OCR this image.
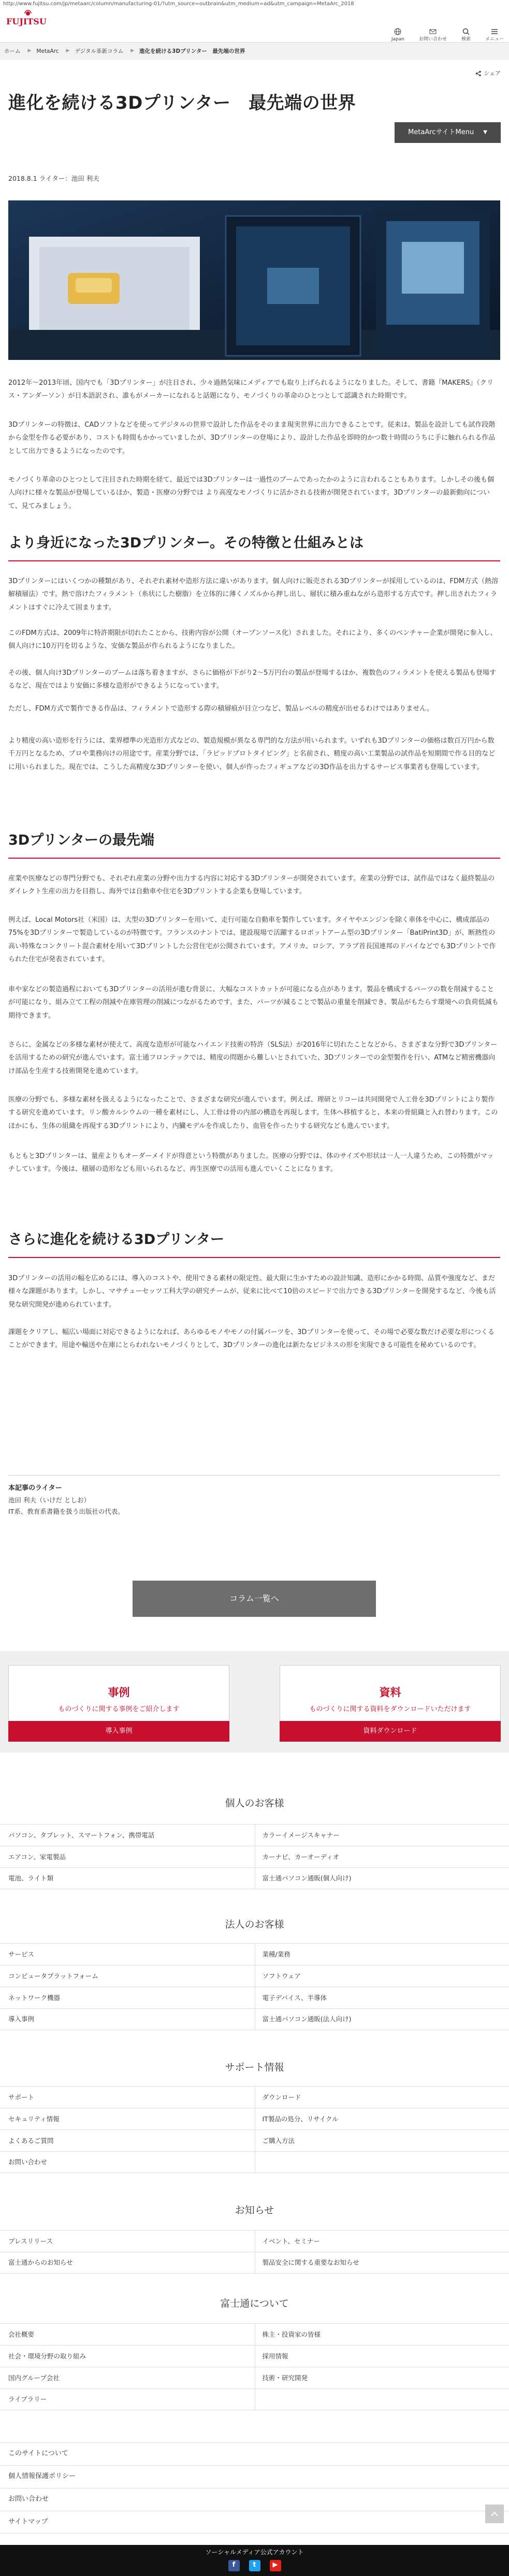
http://www.fujitsu.com/jp/metaarc/column/manufacturing-01/?utm_source=outbrain&utm_medium=ad&utm_campaign=MetaArc_2018
FUJITSU
Japan	お問い合わせ	検索	メニュー
ホーム ▶ MetaArc ▶ デジタル革新コラム ▶ 進化を続ける3Dプリンター　最先端の世界
シェア
進化を続ける3Dプリンター　最先端の世界
MetaArcサイトMenu ▼
2018.8.1 ライター：池田 利夫
2012年～2013年頃、国内でも「3Dプリンター」が注目され、少々過熱気味にメディアでも取り上げられるようになりました。そして、書籍『MAKERS』（クリス・アンダーソン）が日本語訳され、誰もがメーカーになれると話題になり、モノづくりの革命のひとつとして認識された時期です。
3Dプリンターの特徴は、CADソフトなどを使ってデジタルの世界で設計した作品をそのまま現実世界に出力できることです。従来は、製品を設計しても試作段階から金型を作る必要があり、コストも時間もかかっていましたが、3Dプリンターの登場により、設計した作品を即時的かつ数十時間のうちに手に触れられる作品として出力できるようになったのです。
モノづくり革命のひとつとして注目された時期を経て、最近では3Dプリンターは一過性のブームであったかのように言われることもあります。しかしその後も個人向けに様々な製品が登場しているほか、製造・医療の分野では より高度なモノづくりに活かされる技術が開発されています。3Dプリンターの最新動向について、見てみましょう。
より身近になった3Dプリンター。その特徴と仕組みとは
3Dプリンターにはいくつかの種類があり、それぞれ素材や造形方法に違いがあります。個人向けに販売される3Dプリンターが採用しているのは、FDM方式（熱溶解積層法）です。熱で溶けたフィラメント（糸状にした樹脂）を立体的に薄くノズルから押し出し、層状に積み重ねながら造形する方式です。押し出されたフィラメントはすぐに冷えて固まります。
このFDM方式は、2009年に特許期限が切れたことから、技術内容が公開（オープンソース化）されました。それにより、多くのベンチャー企業が開発に参入し、個人向けに10万円を切るような、安価な製品が作られるようになりました。
その後、個人向け3Dプリンターのブームは落ち着きますが、さらに価格が下がり2～5万円台の製品が登場するほか、複数色のフィラメントを使える製品も登場するなど、現在ではより安価に多様な造形ができるようになっています。
ただし、FDM方式で製作できる作品は、フィラメントで造形する際の積層痕が目立つなど、製品レベルの精度が出せるわけではありません。
より精度の高い造形を行うには、業界標準の光造形方式などの、製造規模が異なる専門的な方法が用いられます。いずれも3Dプリンターの価格は数百万円から数千万円となるため、プロや業務向けの用途です。産業分野では、「ラピッドプロトタイピング」と名前され、精度の高い工業製品の試作品を短期間で作る目的などに用いられました。現在では、こうした高精度な3Dプリンターを使い、個人が作ったフィギュアなどの3D作品を出力するサービス事業者も登場しています。
3Dプリンターの最先端
産業や医療などの専門分野でも、それぞれ産業の分野や出力する内容に対応する3Dプリンターが開発されています。産業の分野では、試作品ではなく最終製品のダイレクト生産の出力を目指し、海外では自動車や住宅を3Dプリントする企業も登場しています。
例えば、Local Motors社（米国）は、大型の3Dプリンターを用いて、走行可能な自動車を製作しています。タイヤやエンジンを除く車体を中心に、構成部品の75%を3Dプリンターで製造しているのが特徴です。フランスのナントでは、建設現場で活躍するロボットアーム型の3Dプリンター「BatiPrint3D」が、断熱性の高い特殊なコンクリート混合素材を用いて3Dプリントした公営住宅が公開されています。アメリカ、ロシア、アラブ首長国連邦のドバイなどでも3Dプリントで作られた住宅が発表されています。
車や家などの製造過程においても3Dプリンターの活用が進む背景に、大幅なコストカットが可能になる点があります。製品を構成するパーツの数を削減することが可能になり、組み立て工程の削減や在庫管理の削減につながるためです。また、パーツが減ることで製品の重量を削減でき、製品がもたらす環境への負荷低減も期待できます。
さらに、金属などの多様な素材が使えて、高度な造形が可能なハイエンド技術の特許（SLS法）が2016年に切れたことなどから、さまざまな分野で3Dプリンターを活用するための研究が進んでいます。富士通フロンテックでは、精度の問題から難しいとされていた、3Dプリンターでの金型製作を行い、ATMなど精密機器向け部品を生産する技術開発を進めています。
医療の分野でも、多様な素材を扱えるようになったことで、さまざまな研究が進んでいます。例えば、理研とリコーは共同開発で人工骨を3Dプリントにより製作する研究を進めています。リン酸カルシウムの一種を素材にし、人工骨は骨の内部の構造を再現します。生体へ移植すると、本来の骨組織と入れ替わります。このほかにも、生体の組織を再現する3Dプリントにより、内臓モデルを作成したり、血管を作ったりする研究なども進んでいます。
もともと3Dプリンターは、量産よりもオーダーメイドが得意という特徴がありました。医療の分野では、体のサイズや形状は一人一人違うため、この特徴がマッチしています。今後は、積層の造形なども用いられるなど、再生医療での活用も進んでいくことになります。
さらに進化を続ける3Dプリンター
3Dプリンターの活用の幅を広めるには、導入のコストや、使用できる素材の限定性、最大限に生かすための設計知識、造形にかかる時間、品質や強度など、まだ様々な課題があります。しかし、マサチューセッツ工科大学の研究チームが、従来に比べて10倍のスピードで出力できる3Dプリンターを開発するなど、今後も活発な研究開発が進められています。
課題をクリアし、幅広い場面に対応できるようになれば、あらゆるモノやモノの付属パーツを、3Dプリンターを使って、その場で必要な数だけ必要な形につくることができます。用途や輸送や在庫にとらわれないモノづくりとして、3Dプリンターの進化は新たなビジネスの形を実現できる可能性を秘めているのです。
本記事のライター
池田 利夫（いけだ としお）
IT系、教育系書籍を扱う出版社の代表。
コラム一覧へ
事例
ものづくりに関する事例をご紹介します
導入事例
資料
ものづくりに関する資料をダウンロードいただけます
資料ダウンロード
個人のお客様
パソコン、タブレット、スマートフォン、携帯電話	カラーイメージスキャナー
エアコン、家電製品	カーナビ、カーオーディオ
電池、ライト類	富士通パソコン通販(個人向け)
法人のお客様
サービス	業種/業務
コンピュータプラットフォーム	ソフトウェア
ネットワーク機器	電子デバイス、半導体
導入事例	富士通パソコン通販(法人向け)
サポート情報
サポート	ダウンロード
セキュリティ情報	IT製品の処分、リサイクル
よくあるご質問	ご購入方法
お問い合わせ
お知らせ
プレスリリース	イベント、セミナー
富士通からのお知らせ	製品安全に関する重要なお知らせ
富士通について
会社概要	株主・投資家の皆様
社会・環境分野の取り組み	採用情報
国内グループ会社	技術・研究開発
ライブラリー
このサイトについて
個人情報保護ポリシー
お問い合わせ
サイトマップ
ソーシャルメディア公式アカウント
f	t	▶
